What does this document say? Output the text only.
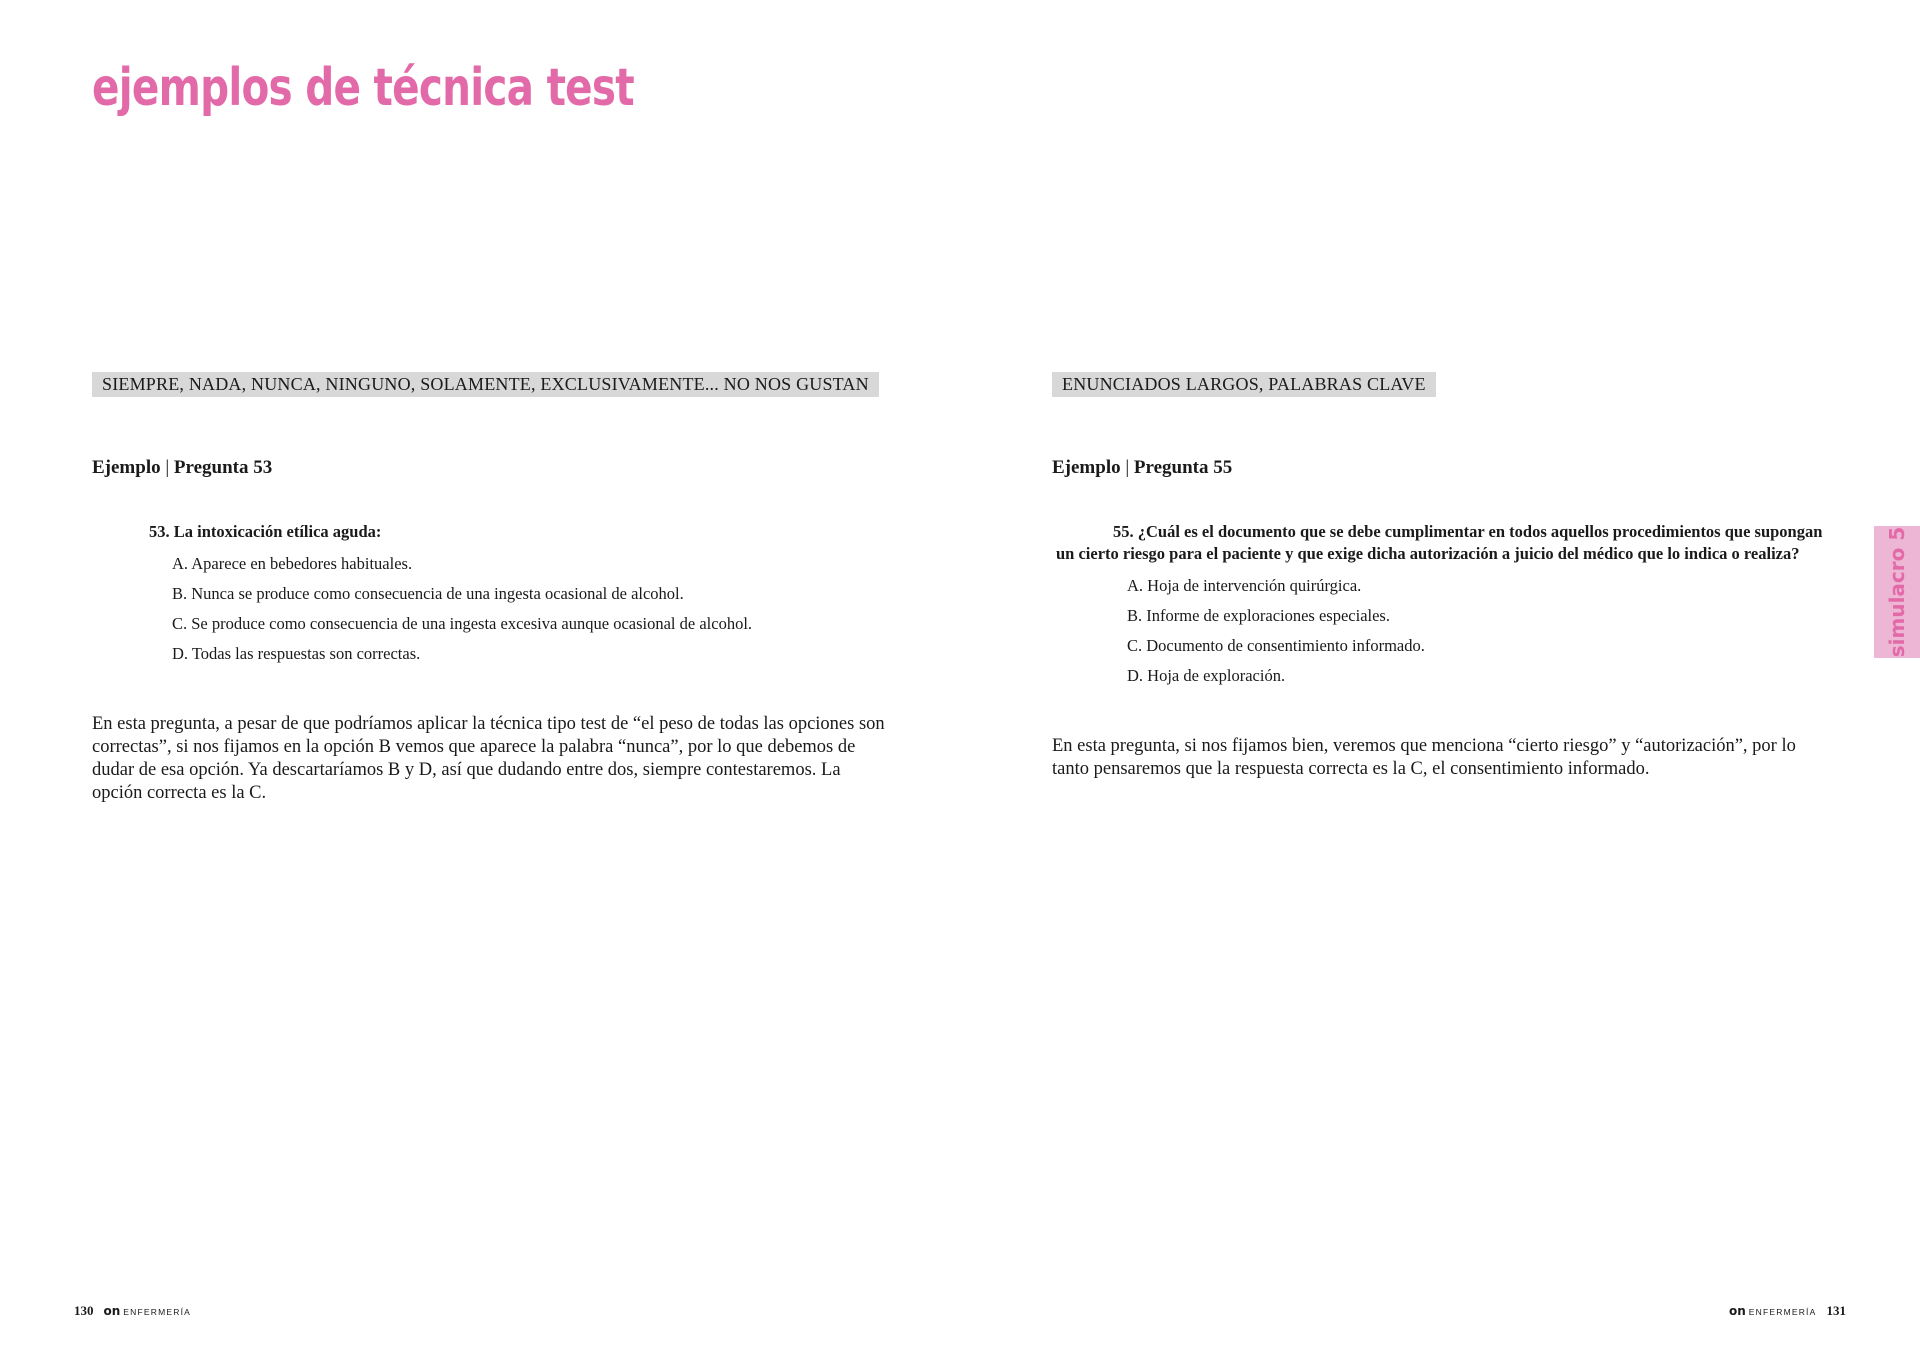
ejemplos de técnica test
SIEMPRE, NADA, NUNCA, NINGUNO, SOLAMENTE, EXCLUSIVAMENTE... NO NOS GUSTAN
Ejemplo | Pregunta 53
53. La intoxicación etílica aguda:
A. Aparece en bebedores habituales.
B. Nunca se produce como consecuencia de una ingesta ocasional de alcohol.
C. Se produce como consecuencia de una ingesta excesiva aunque ocasional de alcohol.
D. Todas las respuestas son correctas.

En esta pregunta, a pesar de que podríamos aplicar la técnica tipo test de “el peso de todas las opciones son correctas”, si nos fijamos en la opción B vemos que aparece la palabra “nunca”, por lo que debemos de dudar de esa opción. Ya descartaríamos B y D, así que dudando entre dos, siempre contestaremos. La opción correcta es la C.

ENUNCIADOS LARGOS, PALABRAS CLAVE
Ejemplo | Pregunta 55
55. ¿Cuál es el documento que se debe cumplimentar en todos aquellos procedimientos que supongan un cierto riesgo para el paciente y que exige dicha autorización a juicio del médico que lo indica o realiza?
A. Hoja de intervención quirúrgica.
B. Informe de exploraciones especiales.
C. Documento de consentimiento informado.
D. Hoja de exploración.

En esta pregunta, si nos fijamos bien, veremos que menciona “cierto riesgo” y “autorización”, por lo tanto pensaremos que la respuesta correcta es la C, el consentimiento informado.

simulacro 5
130 on ENFERMERÍA	on ENFERMERÍA 131
